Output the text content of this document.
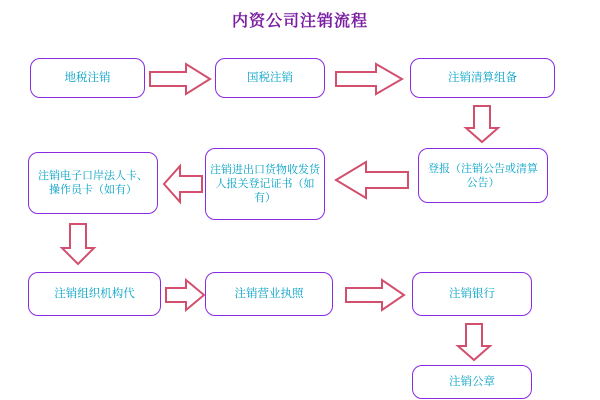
内资公司注销流程
地税注销	国税注销	注销清算组备
登报（注销公告或清算公告）
注销进出口货物收发货人报关登记证书（如有）
注销电子口岸法人卡、操作员卡（如有）
注销组织机构代	注销营业执照	注销银行
注销公章
